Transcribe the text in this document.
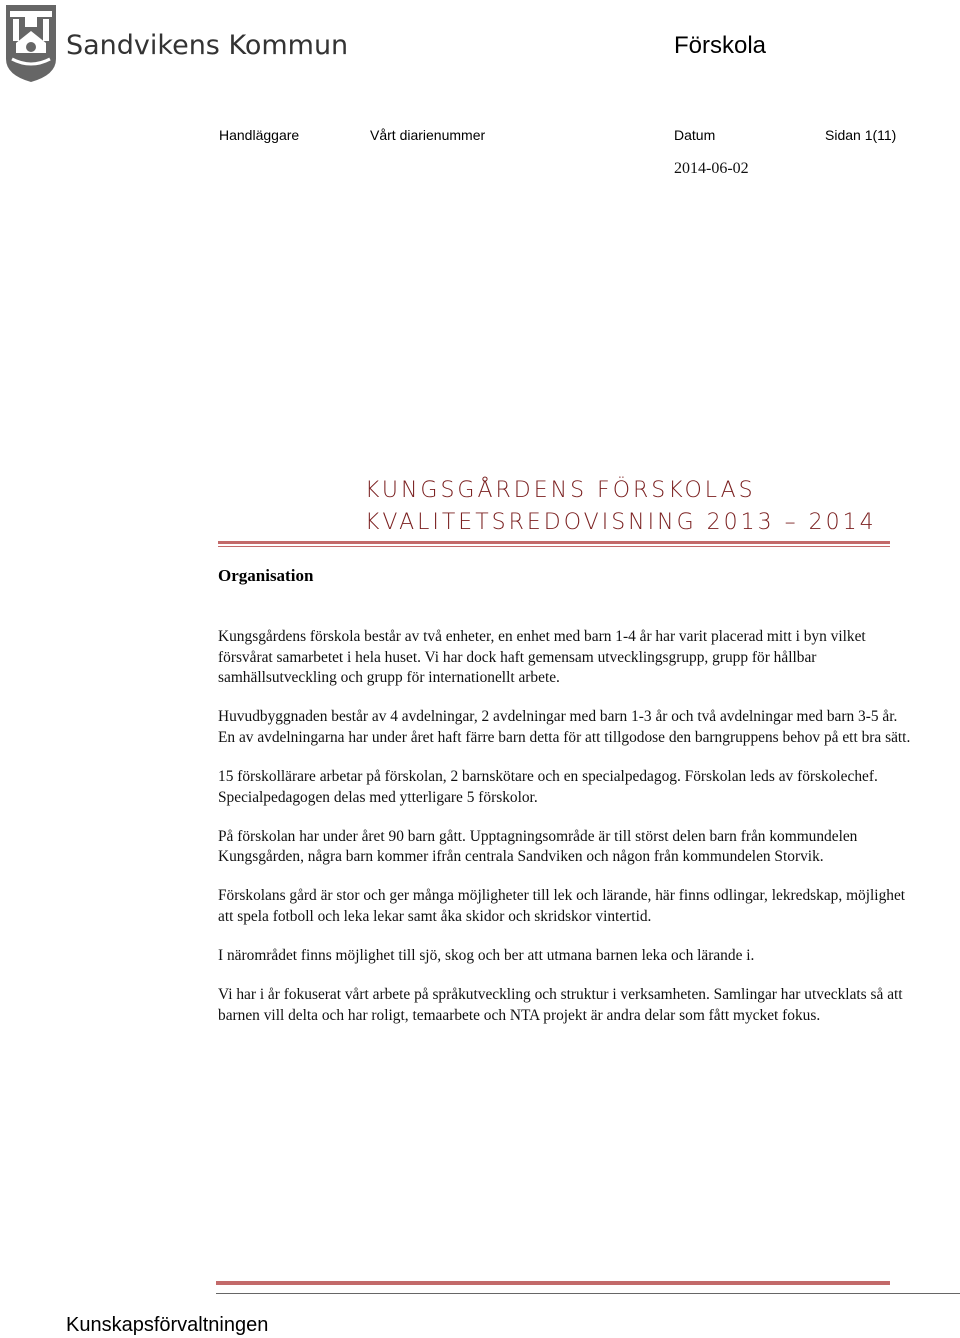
Sandvikens Kommun	Förskola
Handläggare	Vårt diarienummer	Datum	Sidan 1(11)
2014-06-02
KUNGSGÅRDENS FÖRSKOLAS
KVALITETSREDOVISNING 2013 – 2014
Organisation

Kungsgårdens förskola består av två enheter, en enhet med barn 1-4 år har varit placerad mitt i byn vilket försvårat samarbetet i hela huset. Vi har dock haft gemensam utvecklingsgrupp, grupp för hållbar samhällsutveckling och grupp för internationellt arbete.

Huvudbyggnaden består av 4 avdelningar, 2 avdelningar med barn 1-3 år och två avdelningar med barn 3-5 år. En av avdelningarna har under året haft färre barn detta för att tillgodose den barngruppens behov på ett bra sätt.

15 förskollärare arbetar på förskolan, 2 barnskötare och en specialpedagog. Förskolan leds av förskolechef. Specialpedagogen delas med ytterligare 5 förskolor.

På förskolan har under året 90 barn gått. Upptagningsområde är till störst delen barn från kommundelen Kungsgården, några barn kommer ifrån centrala Sandviken och någon från kommundelen Storvik.

Förskolans gård är stor och ger många möjligheter till lek och lärande, här finns odlingar, lekredskap, möjlighet att spela fotboll och leka lekar samt åka skidor och skridskor vintertid.

I närområdet finns möjlighet till sjö, skog och ber att utmana barnen leka och lärande i.

Vi har i år fokuserat vårt arbete på språkutveckling och struktur i verksamheten. Samlingar har utvecklats så att barnen vill delta och har roligt, temaarbete och NTA projekt är andra delar som fått mycket fokus.

Kunskapsförvaltningen
